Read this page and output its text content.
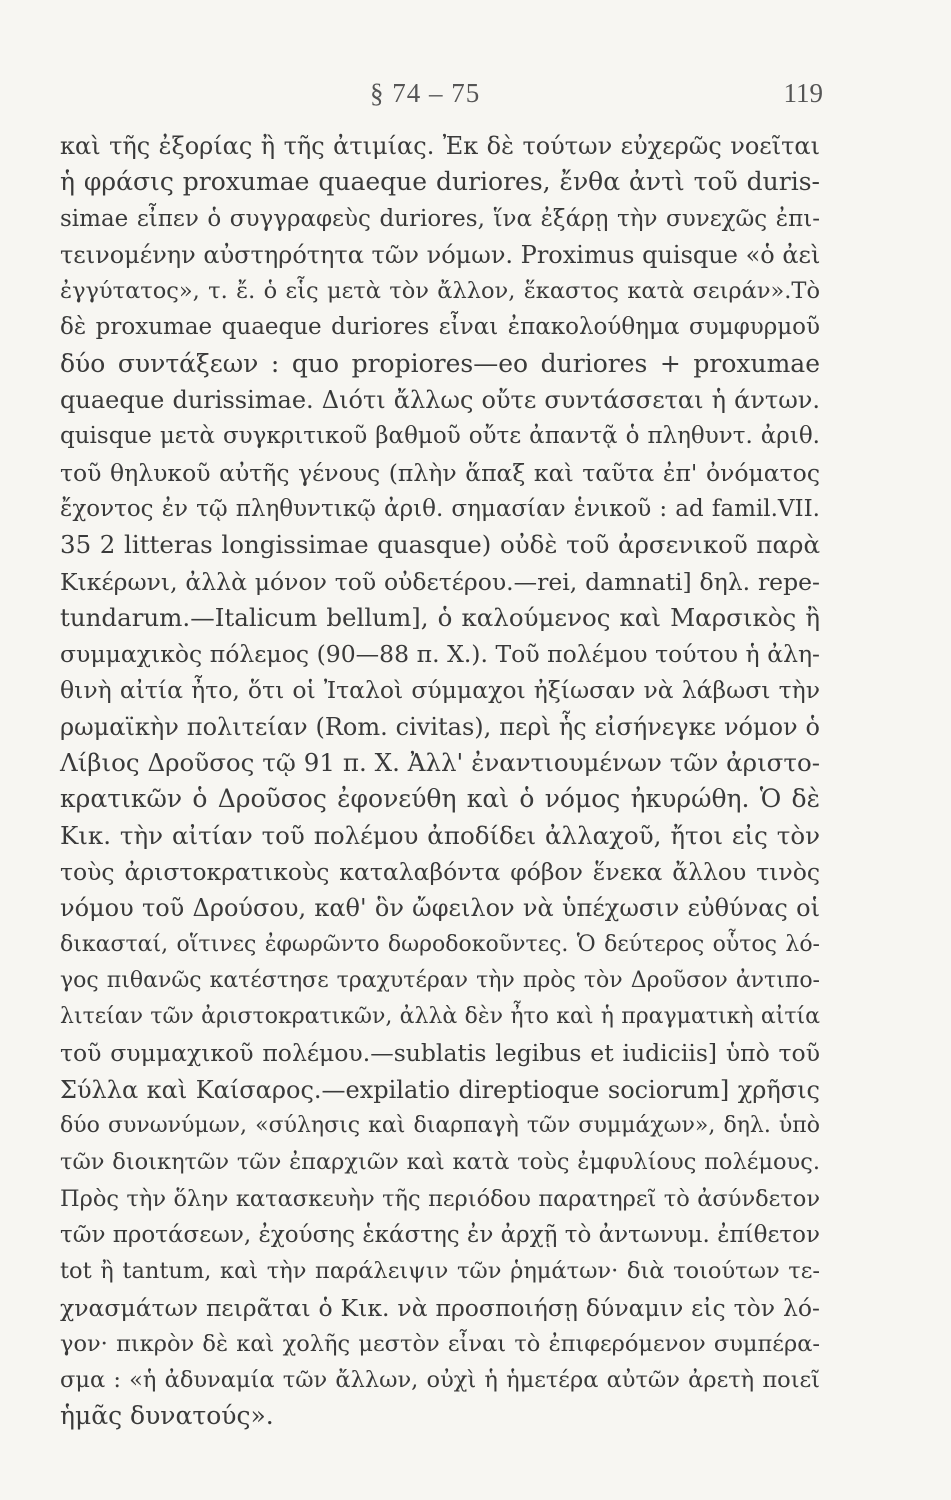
§ 74 – 75	119
καὶ τῆς ἐξορίας ἢ τῆς ἀτιμίας. Ἐκ δὲ τούτων εὐχερῶς νοεῖται
ἡ φράσις proxumae quaeque duriores, ἔνθα ἀντὶ τοῦ duris-
simae εἶπεν ὁ συγγραφεὺς duriores, ἵνα ἐξάρῃ τὴν συνεχῶς ἐπι-
τεινομένην αὐστηρότητα τῶν νόμων. Proximus quisque «ὁ ἀεὶ
ἐγγύτατος», τ. ἔ. ὁ εἷς μετὰ τὸν ἄλλον, ἕκαστος κατὰ σειράν».Τὸ
δὲ proxumae quaeque duriores εἶναι ἐπακολούθημα συμφυρμοῦ
δύο συντάξεων : quo propiores—eo duriores + proxumae
quaeque durissimae. Διότι ἄλλως οὔτε συντάσσεται ἡ άντων.
quisque μετὰ συγκριτικοῦ βαθμοῦ οὔτε ἀπαντᾷ ὁ πληθυντ. ἀριθ.
τοῦ θηλυκοῦ αὐτῆς γένους (πλὴν ἅπαξ καὶ ταῦτα ἐπ' ὀνόματος
ἔχοντος ἐν τῷ πληθυντικῷ ἀριθ. σημασίαν ἑνικοῦ : ad famil.VII.
35 2 litteras longissimae quasque) οὐδὲ τοῦ ἀρσενικοῦ παρὰ
Κικέρωνι, ἀλλὰ μόνον τοῦ οὐδετέρου.—rei, damnati] δηλ. repe-
tundarum.—Italicum bellum], ὁ καλούμενος καὶ Μαρσικὸς ἢ
συμμαχικὸς πόλεμος (90—88 π. Χ.). Τοῦ πολέμου τούτου ἡ ἀλη-
θινὴ αἰτία ἦτο, ὅτι οἱ Ἰταλοὶ σύμμαχοι ἠξίωσαν νὰ λάβωσι τὴν
ρωμαϊκὴν πολιτείαν (Rom. civitas), περὶ ἧς εἰσήνεγκε νόμον ὁ
Λίβιος Δροῦσος τῷ 91 π. Χ. Ἀλλ' ἐναντιουμένων τῶν ἀριστο-
κρατικῶν ὁ Δροῦσος ἐφονεύθη καὶ ὁ νόμος ἠκυρώθη. Ὁ δὲ
Κικ. τὴν αἰτίαν τοῦ πολέμου ἀποδίδει ἀλλαχοῦ, ἤτοι εἰς τὸν
τοὺς ἀριστοκρατικοὺς καταλαβόντα φόβον ἕνεκα ἄλλου τινὸς
νόμου τοῦ Δρούσου, καθ' ὃν ὤφειλον νὰ ὑπέχωσιν εὐθύνας οἱ
δικασταί, οἵτινες ἐφωρῶντο δωροδοκοῦντες. Ὁ δεύτερος οὗτος λό-
γος πιθανῶς κατέστησε τραχυτέραν τὴν πρὸς τὸν Δροῦσον ἀντιπο-
λιτείαν τῶν ἀριστοκρατικῶν, ἀλλὰ δὲν ἦτο καὶ ἡ πραγματικὴ αἰτία
τοῦ συμμαχικοῦ πολέμου.—sublatis legibus et iudiciis] ὑπὸ τοῦ
Σύλλα καὶ Καίσαρος.—expilatio direptioque sociorum] χρῆσις
δύο συνωνύμων, «σύλησις καὶ διαρπαγὴ τῶν συμμάχων», δηλ. ὑπὸ
τῶν διοικητῶν τῶν ἐπαρχιῶν καὶ κατὰ τοὺς ἐμφυλίους πολέμους.
Πρὸς τὴν ὅλην κατασκευὴν τῆς περιόδου παρατηρεῖ τὸ ἀσύνδετον
τῶν προτάσεων, ἐχούσης ἑκάστης ἐν ἀρχῇ τὸ ἀντωνυμ. ἐπίθετον
tot ἢ tantum, καὶ τὴν παράλειψιν τῶν ῥημάτων· διὰ τοιούτων τε-
χνασμάτων πειρᾶται ὁ Κικ. νὰ προσποιήσῃ δύναμιν εἰς τὸν λό-
γον· πικρὸν δὲ καὶ χολῆς μεστὸν εἶναι τὸ ἐπιφερόμενον συμπέρα-
σμα : «ἡ ἀδυναμία τῶν ἄλλων, οὐχὶ ἡ ἡμετέρα αὐτῶν ἀρετὴ ποιεῖ
ἡμᾶς δυνατούς».
